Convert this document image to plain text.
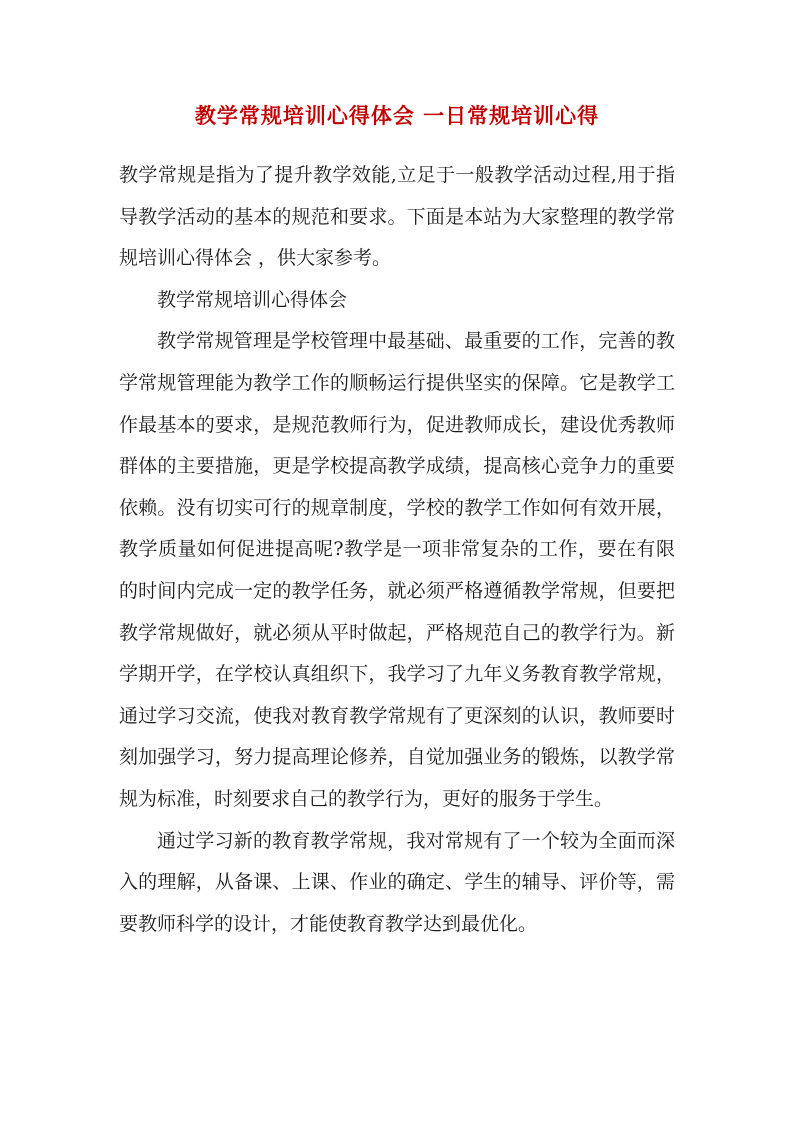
教学常规培训心得体会 一日常规培训心得

教学常规是指为了提升教学效能,立足于一般教学活动过程,用于指导教学活动的基本的规范和要求。下面是本站为大家整理的教学常规培训心得体会 ，供大家参考。

教学常规培训心得体会

教学常规管理是学校管理中最基础、最重要的工作，完善的教学常规管理能为教学工作的顺畅运行提供坚实的保障。它是教学工作最基本的要求，是规范教师行为，促进教师成长，建设优秀教师群体的主要措施，更是学校提高教学成绩，提高核心竞争力的重要依赖。没有切实可行的规章制度，学校的教学工作如何有效开展，教学质量如何促进提高呢?教学是一项非常复杂的工作，要在有限的时间内完成一定的教学任务，就必须严格遵循教学常规，但要把教学常规做好，就必须从平时做起，严格规范自己的教学行为。新学期开学，在学校认真组织下，我学习了九年义务教育教学常规，通过学习交流，使我对教育教学常规有了更深刻的认识，教师要时刻加强学习，努力提高理论修养，自觉加强业务的锻炼，以教学常规为标准，时刻要求自己的教学行为，更好的服务于学生。

通过学习新的教育教学常规，我对常规有了一个较为全面而深入的理解，从备课、上课、作业的确定、学生的辅导、评价等，需要教师科学的设计，才能使教育教学达到最优化。
